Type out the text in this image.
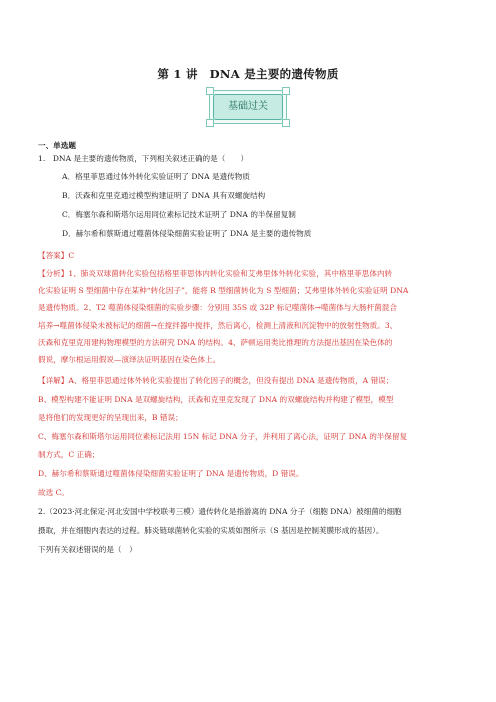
第 1 讲　DNA 是主要的遗传物质
基础过关
一、单选题
1.　DNA 是主要的遗传物质，下列相关叙述正确的是（　　）
A．格里菲思通过体外转化实验证明了 DNA 是遗传物质
B．沃森和克里克通过模型构建证明了 DNA 具有双螺旋结构
C．梅塞尔森和斯塔尔运用同位素标记技术证明了 DNA 的半保留复制
D．赫尔希和蔡斯通过噬菌体侵染细菌实验证明了 DNA 是主要的遗传物质
【答案】C
【分析】1、肺炎双球菌转化实验包括格里菲思体内转化实验和艾弗里体外转化实验，其中格里菲思体内转
化实验证明 S 型细菌中存在某种“转化因子”，能将 R 型细菌转化为 S 型细菌；艾弗里体外转化实验证明 DNA
是遗传物质。2、T2 噬菌体侵染细菌的实验步骤：分别用 35S 或 32P 标记噬菌体→噬菌体与大肠杆菌混合
培养→噬菌体侵染未被标记的细菌→在搅拌器中搅拌，然后离心，检测上清液和沉淀物中的放射性物质。3、
沃森和克里克用建构物理模型的方法研究 DNA 的结构。4、萨顿运用类比推理的方法提出基因在染色体的
假说，摩尔根运用假说—演绎法证明基因在染色体上。
【详解】A、格里菲思通过体外转化实验提出了转化因子的概念，但没有提出 DNA 是遗传物质，A 错误；
B、模型构建不能证明 DNA 是双螺旋结构，沃森和克里克发现了 DNA 的双螺旋结构并构建了模型，模型
是将他们的发现更好的呈现出来，B 错误；
C、梅塞尔森和斯塔尔运用同位素标记法用 15N 标记 DNA 分子，并利用了离心法，证明了 DNA 的半保留复
制方式，C 正确；
D、赫尔希和蔡斯通过噬菌体侵染细菌实验证明了 DNA 是遗传物质，D 错误。
故选 C。
2.（2023·河北保定·河北安国中学校联考三模）遗传转化是指游离的 DNA 分子（细胞 DNA）被细菌的细胞
摄取，并在细胞内表达的过程。肺炎链球菌转化实验的实质如图所示（S 基因是控制荚膜形成的基因）。
下列有关叙述错误的是（　）
